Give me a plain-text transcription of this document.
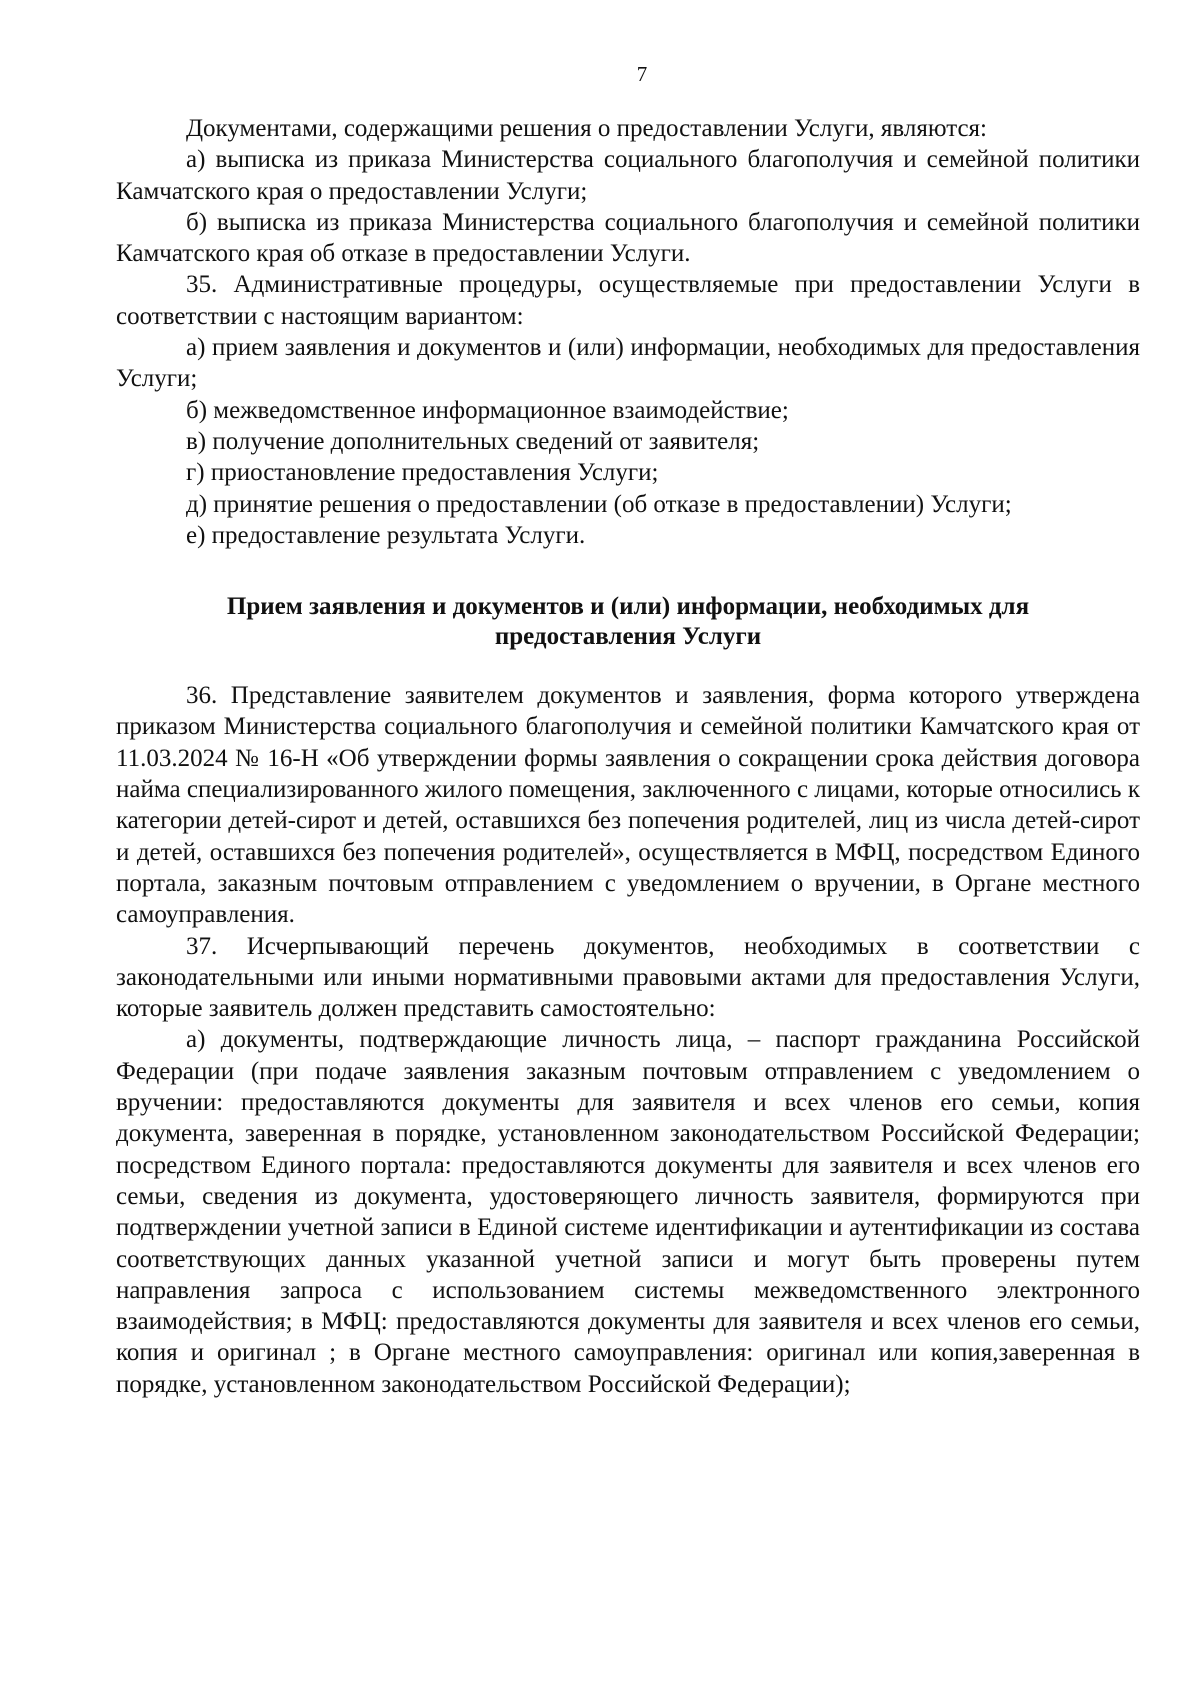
7

Документами, содержащими решения о предоставлении Услуги, являются:

а) выписка из приказа Министерства социального благополучия и семейной политики Камчатского края о предоставлении Услуги;

б) выписка из приказа Министерства социального благополучия и семейной политики Камчатского края об отказе в предоставлении Услуги.

35. Административные процедуры, осуществляемые при предоставлении Услуги в соответствии с настоящим вариантом:

а) прием заявления и документов и (или) информации, необходимых для предоставления Услуги;

б) межведомственное информационное взаимодействие;

в) получение дополнительных сведений от заявителя;

г) приостановление предоставления Услуги;

д) принятие решения о предоставлении (об отказе в предоставлении) Услуги;

е) предоставление результата Услуги.

Прием заявления и документов и (или) информации, необходимых для
предоставления Услуги

36. Представление заявителем документов и заявления, форма которого утверждена приказом Министерства социального благополучия и семейной политики Камчатского края от 11.03.2024 № 16-Н «Об утверждении формы заявления о сокращении срока действия договора найма специализированного жилого помещения, заключенного с лицами, которые относились к категории детей-сирот и детей, оставшихся без попечения родителей, лиц из числа детей-сирот и детей, оставшихся без попечения родителей», осуществляется в МФЦ, посредством Единого портала, заказным почтовым отправлением с уведомлением о вручении, в Органе местного самоуправления.

37. Исчерпывающий перечень документов, необходимых в соответствии с законодательными или иными нормативными правовыми актами для предоставления Услуги, которые заявитель должен представить самостоятельно:

а) документы, подтверждающие личность лица, – паспорт гражданина Российской Федерации (при подаче заявления заказным почтовым отправлением с уведомлением о вручении: предоставляются документы для заявителя и всех членов его семьи, копия документа, заверенная в порядке, установленном законодательством Российской Федерации; посредством Единого портала: предоставляются документы для заявителя и всех членов его семьи, сведения из документа, удостоверяющего личность заявителя, формируются при подтверждении учетной записи в Единой системе идентификации и аутентификации из состава соответствующих данных указанной учетной записи и могут быть проверены путем направления запроса с использованием системы межведомственного электронного взаимодействия; в МФЦ: предоставляются документы для заявителя и всех членов его семьи, копия и оригинал ; в Органе местного самоуправления: оригинал или копия,заверенная в порядке, установленном законодательством Российской Федерации);
